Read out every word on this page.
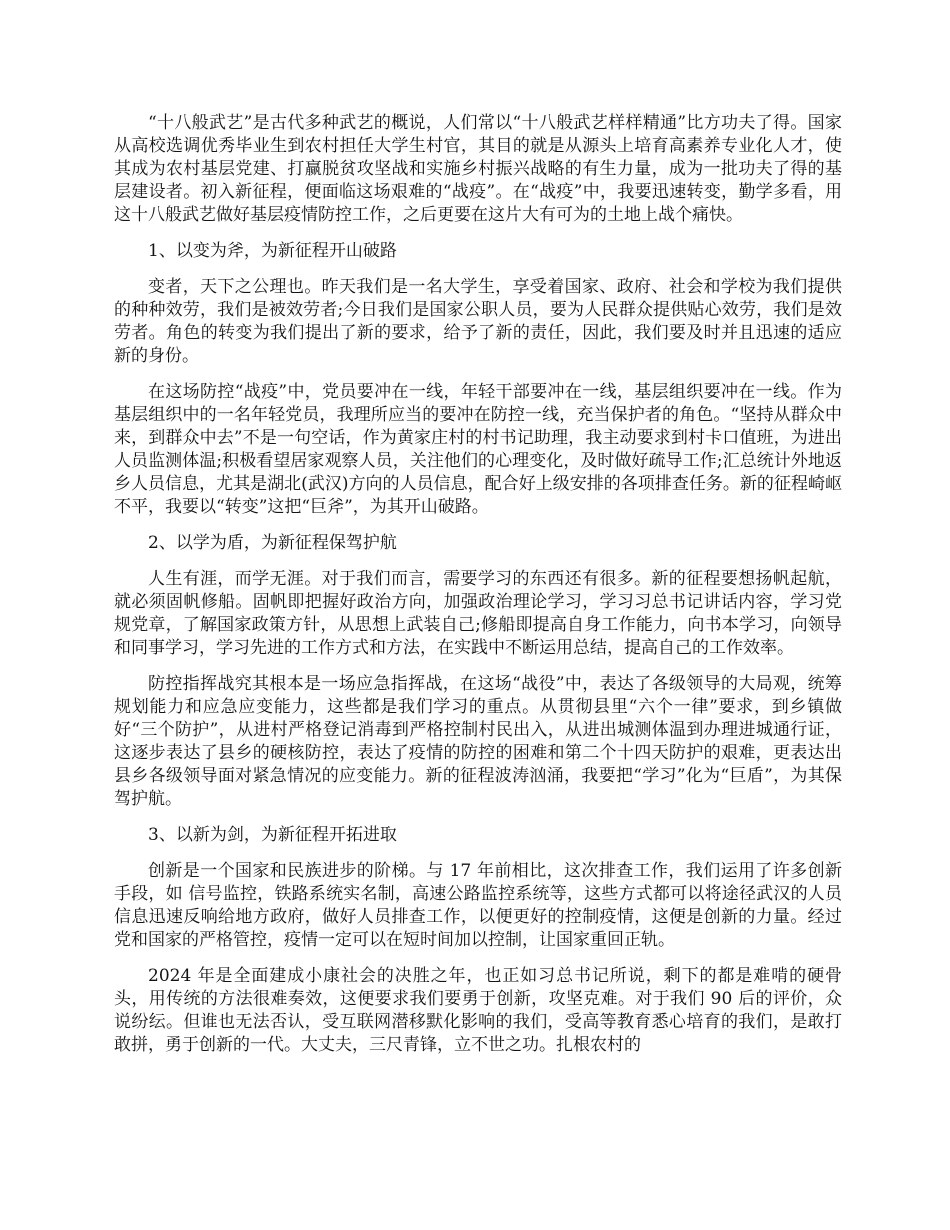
“十八般武艺”是古代多种武艺的概说，人们常以“十八般武艺样样精通”比方功夫了得。国家从高校选调优秀毕业生到农村担任大学生村官，其目的就是从源头上培育高素养专业化人才，使其成为农村基层党建、打赢脱贫攻坚战和实施乡村振兴战略的有生力量，成为一批功夫了得的基层建设者。初入新征程，便面临这场艰难的“战疫”。在“战疫”中，我要迅速转变，勤学多看，用这十八般武艺做好基层疫情防控工作，之后更要在这片大有可为的土地上战个痛快。

1、以变为斧，为新征程开山破路

变者，天下之公理也。昨天我们是一名大学生，享受着国家、政府、社会和学校为我们提供的种种效劳，我们是被效劳者;今日我们是国家公职人员，要为人民群众提供贴心效劳，我们是效劳者。角色的转变为我们提出了新的要求，给予了新的责任，因此，我们要及时并且迅速的适应新的身份。

在这场防控“战疫”中，党员要冲在一线，年轻干部要冲在一线，基层组织要冲在一线。作为基层组织中的一名年轻党员，我理所应当的要冲在防控一线，充当保护者的角色。“坚持从群众中来，到群众中去”不是一句空话，作为黄家庄村的村书记助理，我主动要求到村卡口值班，为进出人员监测体温;积极看望居家观察人员，关注他们的心理变化，及时做好疏导工作;汇总统计外地返乡人员信息，尤其是湖北(武汉)方向的人员信息，配合好上级安排的各项排查任务。新的征程崎岖不平，我要以“转变”这把“巨斧”，为其开山破路。

2、以学为盾，为新征程保驾护航

人生有涯，而学无涯。对于我们而言，需要学习的东西还有很多。新的征程要想扬帆起航，就必须固帆修船。固帆即把握好政治方向，加强政治理论学习，学习习总书记讲话内容，学习党规党章，了解国家政策方针，从思想上武装自己;修船即提高自身工作能力，向书本学习，向领导和同事学习，学习先进的工作方式和方法，在实践中不断运用总结，提高自己的工作效率。

防控指挥战究其根本是一场应急指挥战，在这场“战役”中，表达了各级领导的大局观，统筹规划能力和应急应变能力，这些都是我们学习的重点。从贯彻县里“六个一律”要求，到乡镇做好“三个防护”，从进村严格登记消毒到严格控制村民出入，从进出城测体温到办理进城通行证，这逐步表达了县乡的硬核防控，表达了疫情的防控的困难和第二个十四天防护的艰难，更表达出县乡各级领导面对紧急情况的应变能力。新的征程波涛汹涌，我要把“学习”化为“巨盾”，为其保驾护航。

3、以新为剑，为新征程开拓进取

创新是一个国家和民族进步的阶梯。与 17 年前相比，这次排查工作，我们运用了许多创新手段，如 信号监控，铁路系统实名制，高速公路监控系统等，这些方式都可以将途径武汉的人员信息迅速反响给地方政府，做好人员排查工作，以便更好的控制疫情，这便是创新的力量。经过党和国家的严格管控，疫情一定可以在短时间加以控制，让国家重回正轨。

2024 年是全面建成小康社会的决胜之年，也正如习总书记所说，剩下的都是难啃的硬骨头，用传统的方法很难奏效，这便要求我们要勇于创新，攻坚克难。对于我们 90 后的评价，众说纷纭。但谁也无法否认，受互联网潜移默化影响的我们，受高等教育悉心培育的我们，是敢打敢拼，勇于创新的一代。大丈夫，三尺青锋，立不世之功。扎根农村的
